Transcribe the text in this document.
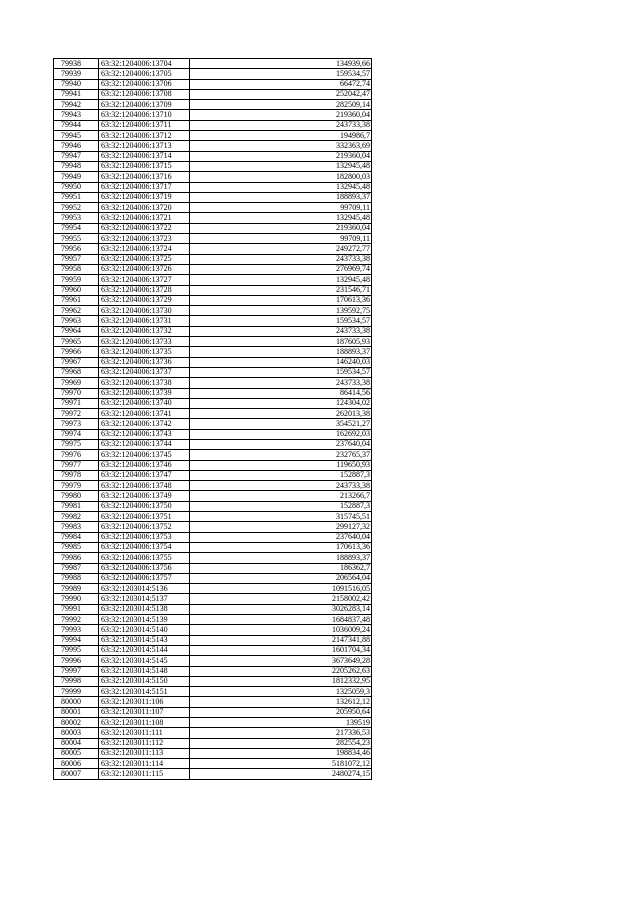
79938	63:32:1204006:13704	134939,66
79939	63:32:1204006:13705	159534,57
79940	63:32:1204006:13706	66472,74
79941	63:32:1204006:13708	252042,47
79942	63:32:1204006:13709	282509,14
79943	63:32:1204006:13710	219360,04
79944	63:32:1204006:13711	243733,38
79945	63:32:1204006:13712	194986,7
79946	63:32:1204006:13713	332363,69
79947	63:32:1204006:13714	219360,04
79948	63:32:1204006:13715	132945,48
79949	63:32:1204006:13716	182800,03
79950	63:32:1204006:13717	132945,48
79951	63:32:1204006:13719	188893,37
79952	63:32:1204006:13720	99709,11
79953	63:32:1204006:13721	132945,48
79954	63:32:1204006:13722	219360,04
79955	63:32:1204006:13723	99709,11
79956	63:32:1204006:13724	249272,77
79957	63:32:1204006:13725	243733,38
79958	63:32:1204006:13726	276969,74
79959	63:32:1204006:13727	132945,48
79960	63:32:1204006:13728	231546,71
79961	63:32:1204006:13729	170613,36
79962	63:32:1204006:13730	139592,75
79963	63:32:1204006:13731	159534,57
79964	63:32:1204006:13732	243733,38
79965	63:32:1204006:13733	187605,93
79966	63:32:1204006:13735	188893,37
79967	63:32:1204006:13736	146240,03
79968	63:32:1204006:13737	159534,57
79969	63:32:1204006:13738	243733,38
79970	63:32:1204006:13739	86414,56
79971	63:32:1204006:13740	124304,02
79972	63:32:1204006:13741	262013,38
79973	63:32:1204006:13742	354521,27
79974	63:32:1204006:13743	162692,03
79975	63:32:1204006:13744	237640,04
79976	63:32:1204006:13745	232765,37
79977	63:32:1204006:13746	119650,93
79978	63:32:1204006:13747	152887,3
79979	63:32:1204006:13748	243733,38
79980	63:32:1204006:13749	213266,7
79981	63:32:1204006:13750	152887,3
79982	63:32:1204006:13751	315745,51
79983	63:32:1204006:13752	299127,32
79984	63:32:1204006:13753	237640,04
79985	63:32:1204006:13754	170613,36
79986	63:32:1204006:13755	188893,37
79987	63:32:1204006:13756	186362,7
79988	63:32:1204006:13757	206564,04
79989	63:32:1203014:5136	1091516,05
79990	63:32:1203014:5137	2158002,42
79991	63:32:1203014:5138	3026283,14
79992	63:32:1203014:5139	1684837,48
79993	63:32:1203014:5140	1036009,24
79994	63:32:1203014:5143	2147341,88
79995	63:32:1203014:5144	1601704,34
79996	63:32:1203014:5145	3673649,28
79997	63:32:1203014:5148	2205262,63
79998	63:32:1203014:5150	1812332,95
79999	63:32:1203014:5151	1325059,3
80000	63:32:1203011:106	132612,12
80001	63:32:1203011:107	205950,64
80002	63:32:1203011:108	139519
80003	63:32:1203011:111	217336,53
80004	63:32:1203011:112	282554,23
80005	63:32:1203011:113	198834,46
80006	63:32:1203011:114	5181072,12
80007	63:32:1203011:115	2480274,15
